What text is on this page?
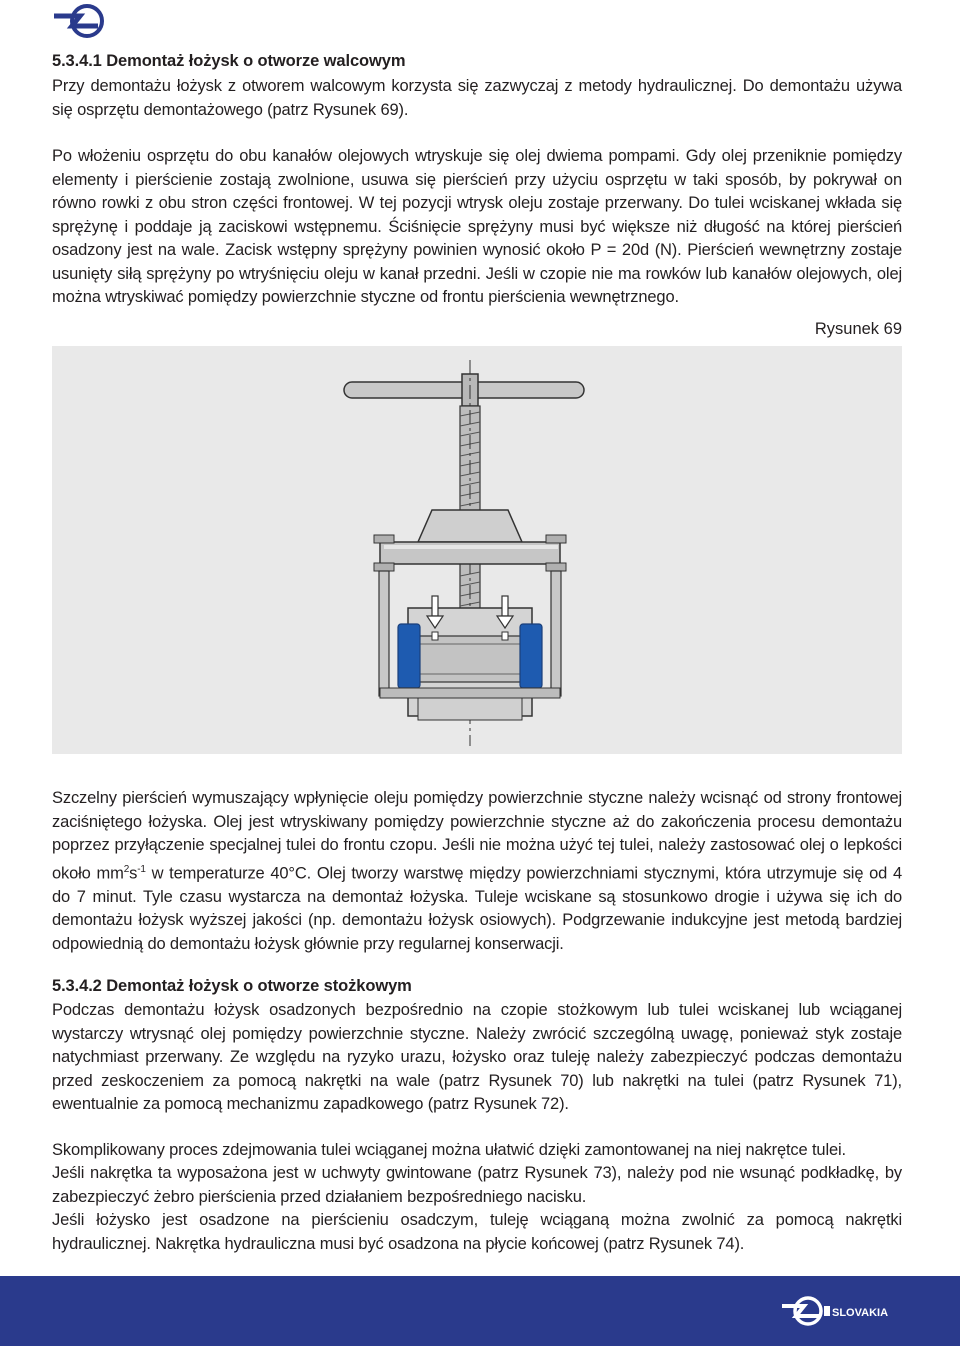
5.3.4.1 Demontaż łożysk o otworze walcowym
Przy demontażu łożysk z otworem walcowym korzysta się zazwyczaj z metody hydraulicznej. Do demontażu używa się osprzętu demontażowego (patrz Rysunek 69).
Po włożeniu osprzętu do obu kanałów olejowych wtryskuje się olej dwiema pompami. Gdy olej przeniknie pomiędzy elementy i pierścienie zostają zwolnione, usuwa się pierścień przy użyciu osprzętu w taki sposób, by pokrywał on równo rowki z obu stron części frontowej. W tej pozycji wtrysk oleju zostaje przerwany. Do tulei wciskanej wkłada się sprężynę i poddaje ją zaciskowi wstępnemu. Ściśnięcie sprężyny musi być większe niż długość na której pierścień osadzony jest na wale. Zacisk wstępny sprężyny powinien wynosić około P = 20d (N). Pierścień wewnętrzny zostaje usunięty siłą sprężyny po wtryśnięciu oleju w kanał przedni. Jeśli w czopie nie ma rowków lub kanałów olejowych, olej można wtryskiwać pomiędzy powierzchnie styczne od frontu pierścienia wewnętrznego.
Rysunek 69
Szczelny pierścień wymuszający wpłynięcie oleju pomiędzy powierzchnie styczne należy wcisnąć od strony frontowej zaciśniętego łożyska. Olej jest wtryskiwany pomiędzy powierzchnie styczne aż do zakończenia procesu demontażu poprzez przyłączenie specjalnej tulei do frontu czopu. Jeśli nie można użyć tej tulei, należy zastosować olej o lepkości około $mm^2s^{-1}$ w temperaturze 40°C. Olej tworzy warstwę między powierzchniami stycznymi, która utrzymuje się od 4 do 7 minut. Tyle czasu wystarcza na demontaż łożyska. Tuleje wciskane są stosunkowo drogie i używa się ich do demontażu łożysk wyższej jakości (np. demontażu łożysk osiowych). Podgrzewanie indukcyjne jest metodą bardziej odpowiednią do demontażu łożysk głównie przy regularnej konserwacji.
5.3.4.2 Demontaż łożysk o otworze stożkowym
Podczas demontażu łożysk osadzonych bezpośrednio na czopie stożkowym lub tulei wciskanej lub wciąganej wystarczy wtrysnąć olej pomiędzy powierzchnie styczne. Należy zwrócić szczególną uwagę, ponieważ styk zostaje natychmiast przerwany. Ze względu na ryzyko urazu, łożysko oraz tuleję należy zabezpieczyć podczas demontażu przed zeskoczeniem za pomocą nakrętki na wale (patrz Rysunek 70) lub nakrętki na tulei (patrz Rysunek 71), ewentualnie za pomocą mechanizmu zapadkowego (patrz Rysunek 72).
Skomplikowany proces zdejmowania tulei wciąganej można ułatwić dzięki zamontowanej na niej nakrętce tulei.
Jeśli nakrętka ta wyposażona jest w uchwyty gwintowane (patrz Rysunek 73), należy pod nie wsunąć podkładkę, by zabezpieczyć żebro pierścienia przed działaniem bezpośredniego nacisku.
Jeśli łożysko jest osadzone na pierścieniu osadczym, tuleję wciąganą można zwolnić za pomocą nakrętki hydraulicznej. Nakrętka hydrauliczna musi być osadzona na płycie końcowej (patrz Rysunek 74).
SLOVAKIA
